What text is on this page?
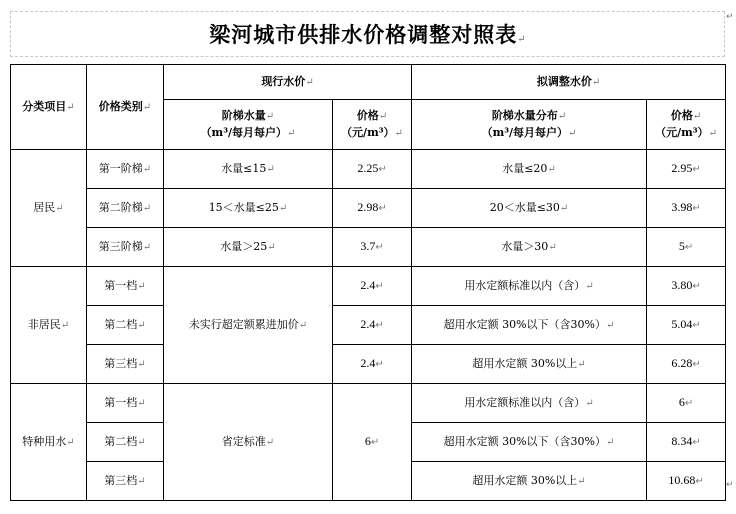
梁河城市供排水价格调整对照表↵
↵
↵
分类项目↵	价格类别↵	现行水价↵		拟调整水价↵	
		阶梯水量↵
（m³/每月每户）↵	价格↵
（元/m³）↵	阶梯水量分布↵
（m³/每月每户）↵	价格↵
（元/m³）↵
居民↵	第一阶梯↵	水量≤15↵	2.25↵	水量≤20↵	2.95↵
	第二阶梯↵	15＜水量≤25↵	2.98↵	20＜水量≤30↵	3.98↵
	第三阶梯↵	水量＞25↵	3.7↵	水量＞30↵	5↵
非居民↵	第一档↵	未实行超定额累进加价↵	2.4↵	用水定额标准以内（含）↵	3.80↵
	第二档↵		2.4↵	超用水定额 30%以下（含30%）↵	5.04↵
	第三档↵		2.4↵	超用水定额 30%以上↵	6.28↵
特种用水↵	第一档↵	省定标准↵	6↵	用水定额标准以内（含）↵	6↵
	第二档↵			超用水定额 30%以下（含30%）↵	8.34↵
	第三档↵			超用水定额 30%以上↵	10.68↵
